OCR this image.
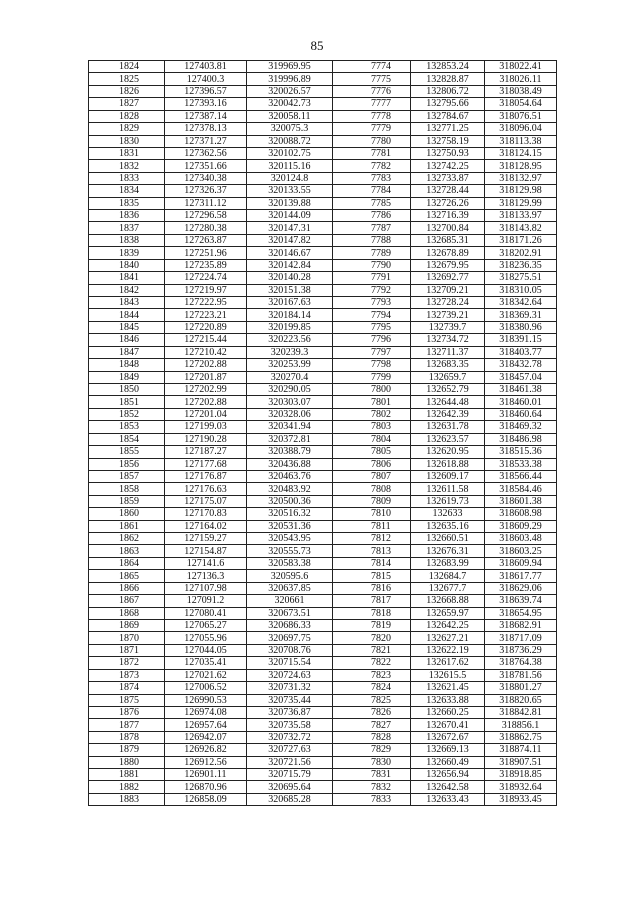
85
1824	127403.81	319969.95	7774	132853.24	318022.41
1825	127400.3	319996.89	7775	132828.87	318026.11
1826	127396.57	320026.57	7776	132806.72	318038.49
1827	127393.16	320042.73	7777	132795.66	318054.64
1828	127387.14	320058.11	7778	132784.67	318076.51
1829	127378.13	320075.3	7779	132771.25	318096.04
1830	127371.27	320088.72	7780	132758.19	318113.38
1831	127362.56	320102.75	7781	132750.93	318124.15
1832	127351.66	320115.16	7782	132742.25	318128.95
1833	127340.38	320124.8	7783	132733.87	318132.97
1834	127326.37	320133.55	7784	132728.44	318129.98
1835	127311.12	320139.88	7785	132726.26	318129.99
1836	127296.58	320144.09	7786	132716.39	318133.97
1837	127280.38	320147.31	7787	132700.84	318143.82
1838	127263.87	320147.82	7788	132685.31	318171.26
1839	127251.96	320146.67	7789	132678.89	318202.91
1840	127235.89	320142.84	7790	132679.95	318236.35
1841	127224.74	320140.28	7791	132692.77	318275.51
1842	127219.97	320151.38	7792	132709.21	318310.05
1843	127222.95	320167.63	7793	132728.24	318342.64
1844	127223.21	320184.14	7794	132739.21	318369.31
1845	127220.89	320199.85	7795	132739.7	318380.96
1846	127215.44	320223.56	7796	132734.72	318391.15
1847	127210.42	320239.3	7797	132711.37	318403.77
1848	127202.88	320253.99	7798	132683.35	318432.78
1849	127201.87	320270.4	7799	132659.7	318457.04
1850	127202.99	320290.05	7800	132652.79	318461.38
1851	127202.88	320303.07	7801	132644.48	318460.01
1852	127201.04	320328.06	7802	132642.39	318460.64
1853	127199.03	320341.94	7803	132631.78	318469.32
1854	127190.28	320372.81	7804	132623.57	318486.98
1855	127187.27	320388.79	7805	132620.95	318515.36
1856	127177.68	320436.88	7806	132618.88	318533.38
1857	127176.87	320463.76	7807	132609.17	318566.44
1858	127176.63	320483.92	7808	132611.58	318584.46
1859	127175.07	320500.36	7809	132619.73	318601.38
1860	127170.83	320516.32	7810	132633	318608.98
1861	127164.02	320531.36	7811	132635.16	318609.29
1862	127159.27	320543.95	7812	132660.51	318603.48
1863	127154.87	320555.73	7813	132676.31	318603.25
1864	127141.6	320583.38	7814	132683.99	318609.94
1865	127136.3	320595.6	7815	132684.7	318617.77
1866	127107.98	320637.85	7816	132677.7	318629.06
1867	127091.2	320661	7817	132668.88	318639.74
1868	127080.41	320673.51	7818	132659.97	318654.95
1869	127065.27	320686.33	7819	132642.25	318682.91
1870	127055.96	320697.75	7820	132627.21	318717.09
1871	127044.05	320708.76	7821	132622.19	318736.29
1872	127035.41	320715.54	7822	132617.62	318764.38
1873	127021.62	320724.63	7823	132615.5	318781.56
1874	127006.52	320731.32	7824	132621.45	318801.27
1875	126990.53	320735.44	7825	132633.88	318820.65
1876	126974.08	320736.87	7826	132660.25	318842.81
1877	126957.64	320735.58	7827	132670.41	318856.1
1878	126942.07	320732.72	7828	132672.67	318862.75
1879	126926.82	320727.63	7829	132669.13	318874.11
1880	126912.56	320721.56	7830	132660.49	318907.51
1881	126901.11	320715.79	7831	132656.94	318918.85
1882	126870.96	320695.64	7832	132642.58	318932.64
1883	126858.09	320685.28	7833	132633.43	318933.45
